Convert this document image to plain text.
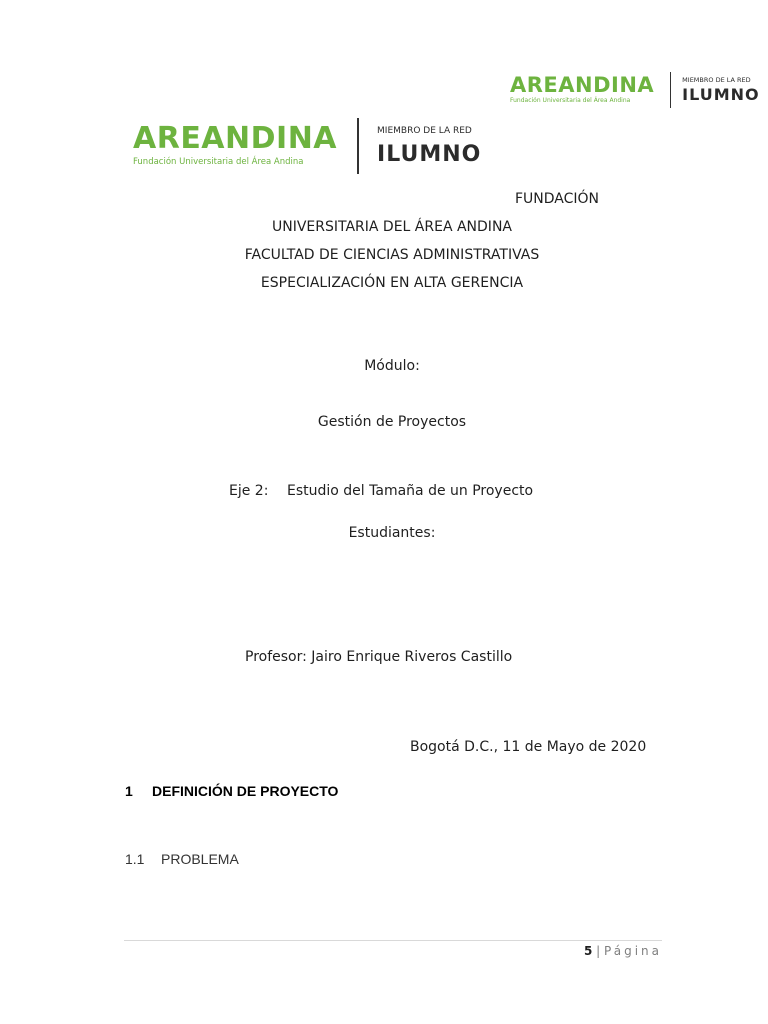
AREANDINA
Fundación Universitaria del Área Andina
MIEMBRO DE LA RED
ILUMNO
AREANDINA
Fundación Universitaria del Área Andina
MIEMBRO DE LA RED
ILUMNO
FUNDACIÓN
UNIVERSITARIA DEL ÁREA ANDINA
FACULTAD DE CIENCIAS ADMINISTRATIVAS
ESPECIALIZACIÓN EN ALTA GERENCIA
Módulo:
Gestión de Proyectos
Eje 2: Estudio del Tamaña de un Proyecto
Estudiantes:
Profesor: Jairo Enrique Riveros Castillo
Bogotá D.C., 11 de Mayo de 2020
1 DEFINICIÓN DE PROYECTO
1.1 PROBLEMA
5 | Página
